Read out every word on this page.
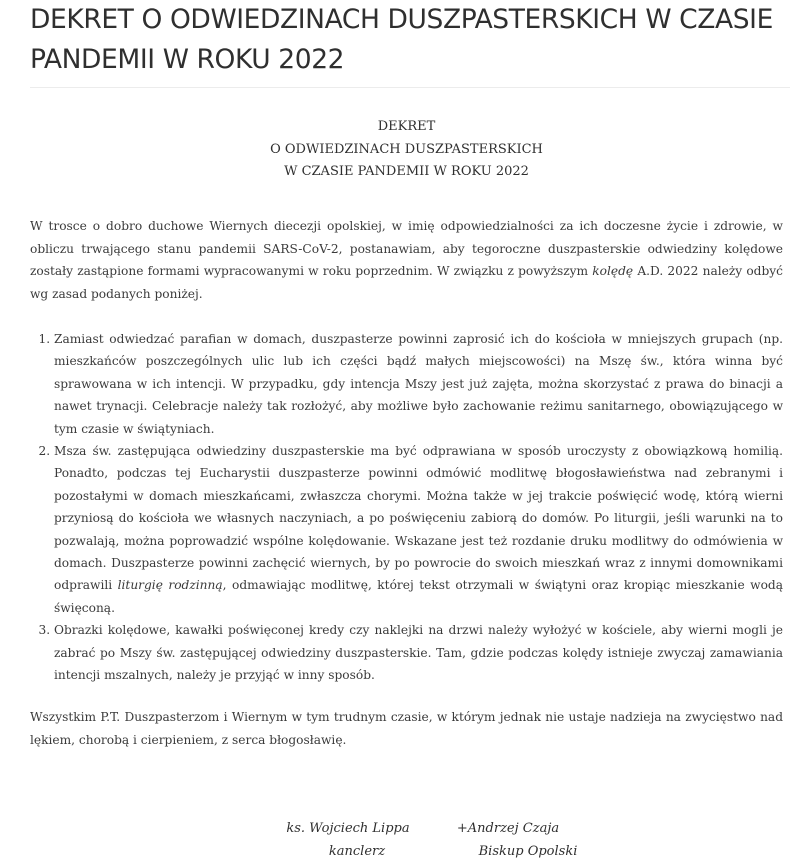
DEKRET O ODWIEDZINACH DUSZPASTERSKICH W CZASIE PANDEMII W ROKU 2022
DEKRET
O ODWIEDZINACH DUSZPASTERSKICH
W CZASIE PANDEMII W ROKU 2022

W trosce o dobro duchowe Wiernych diecezji opolskiej, w imię odpowiedzialności za ich doczesne życie i zdrowie, w obliczu trwającego stanu pandemii SARS-CoV-2, postanawiam, aby tegoroczne duszpasterskie odwiedziny kolędowe zostały zastąpione formami wypracowanymi w roku poprzednim. W związku z powyższym kolędę A.D. 2022 należy odbyć wg zasad podanych poniżej.

1. Zamiast odwiedzać parafian w domach, duszpasterze powinni zaprosić ich do kościoła w mniejszych grupach (np. mieszkańców poszczególnych ulic lub ich części bądź małych miejscowości) na Mszę św., która winna być sprawowana w ich intencji. W przypadku, gdy intencja Mszy jest już zajęta, można skorzystać z prawa do binacji a nawet trynacji. Celebracje należy tak rozłożyć, aby możliwe było zachowanie reżimu sanitarnego, obowiązującego w tym czasie w świątyniach.
2. Msza św. zastępująca odwiedziny duszpasterskie ma być odprawiana w sposób uroczysty z obowiązkową homilią. Ponadto, podczas tej Eucharystii duszpasterze powinni odmówić modlitwę błogosławieństwa nad zebranymi i pozostałymi w domach mieszkańcami, zwłaszcza chorymi. Można także w jej trakcie poświęcić wodę, którą wierni przyniosą do kościoła we własnych naczyniach, a po poświęceniu zabiorą do domów. Po liturgii, jeśli warunki na to pozwalają, można poprowadzić wspólne kolędowanie. Wskazane jest też rozdanie druku modlitwy do odmówienia w domach. Duszpasterze powinni zachęcić wiernych, by po powrocie do swoich mieszkań wraz z innymi domownikami odprawili liturgię rodzinną, odmawiając modlitwę, której tekst otrzymali w świątyni oraz kropiąc mieszkanie wodą święconą.
3. Obrazki kolędowe, kawałki poświęconej kredy czy naklejki na drzwi należy wyłożyć w kościele, aby wierni mogli je zabrać po Mszy św. zastępującej odwiedziny duszpasterskie. Tam, gdzie podczas kolędy istnieje zwyczaj zamawiania intencji mszalnych, należy je przyjąć w inny sposób.

Wszystkim P.T. Duszpasterzom i Wiernym w tym trudnym czasie, w którym jednak nie ustaje nadzieja na zwycięstwo nad lękiem, chorobą i cierpieniem, z serca błogosławię.

ks. Wojciech Lippa
kanclerz
+Andrzej Czaja
Biskup Opolski
